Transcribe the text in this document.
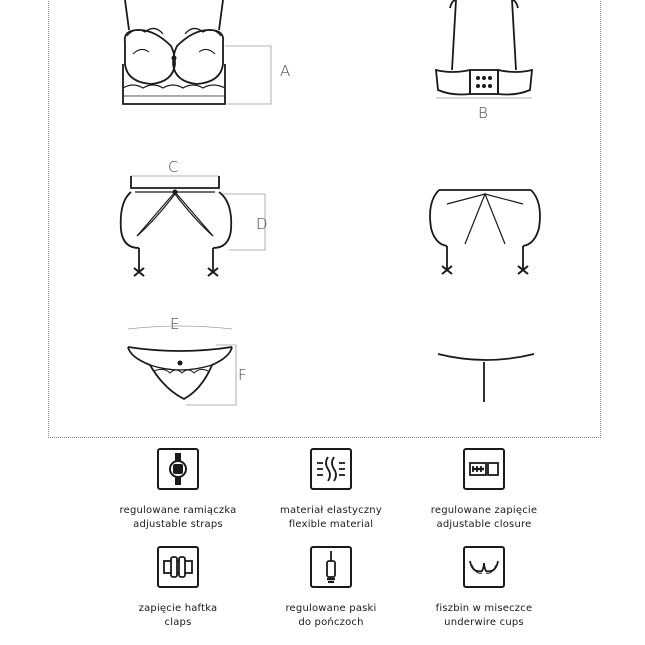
A
B
C
D
E
F
regulowane ramiączka
adjustable straps
materiał elastyczny
flexible material
regulowane zapięcie
adjustable closure
zapięcie haftka
claps
regulowane paski
do pończoch
fiszbin w miseczce
underwire cups
